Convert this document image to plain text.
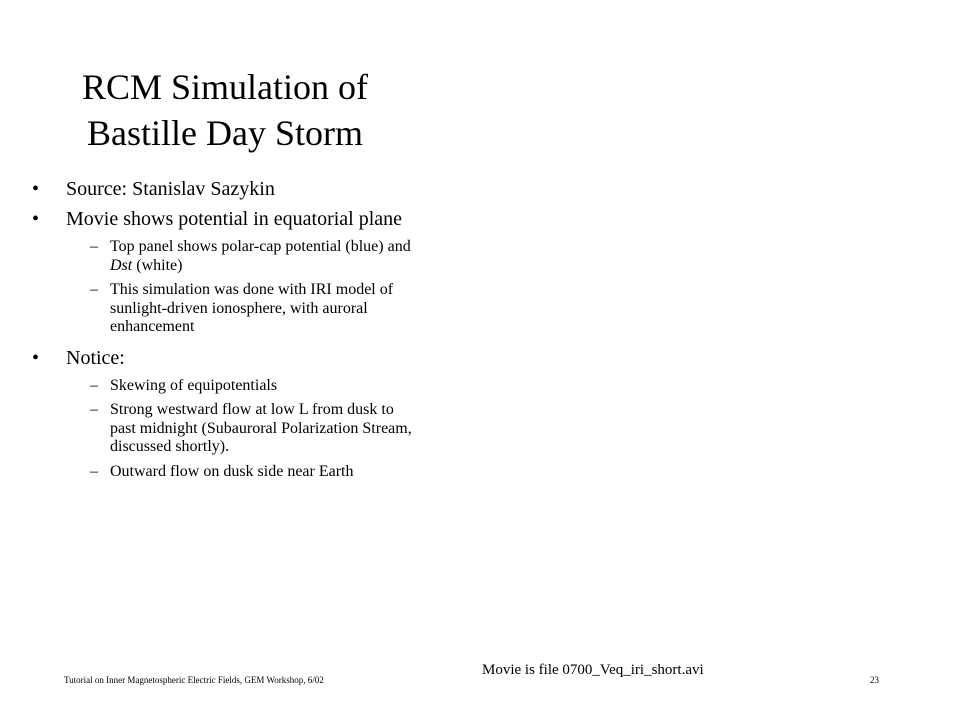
RCM Simulation of
Bastille Day Storm
• Source: Stanislav Sazykin
• Movie shows potential in equatorial plane
– Top panel shows polar-cap potential (blue) and Dst (white)
– This simulation was done with IRI model of sunlight-driven ionosphere, with auroral enhancement
• Notice:
– Skewing of equipotentials
– Strong westward flow at low L from dusk to past midnight (Subauroral Polarization Stream, discussed shortly).
– Outward flow on dusk side near Earth
Movie is file 0700_Veq_iri_short.avi
Tutorial on Inner Magnetospheric Electric Fields, GEM Workshop, 6/02	23
